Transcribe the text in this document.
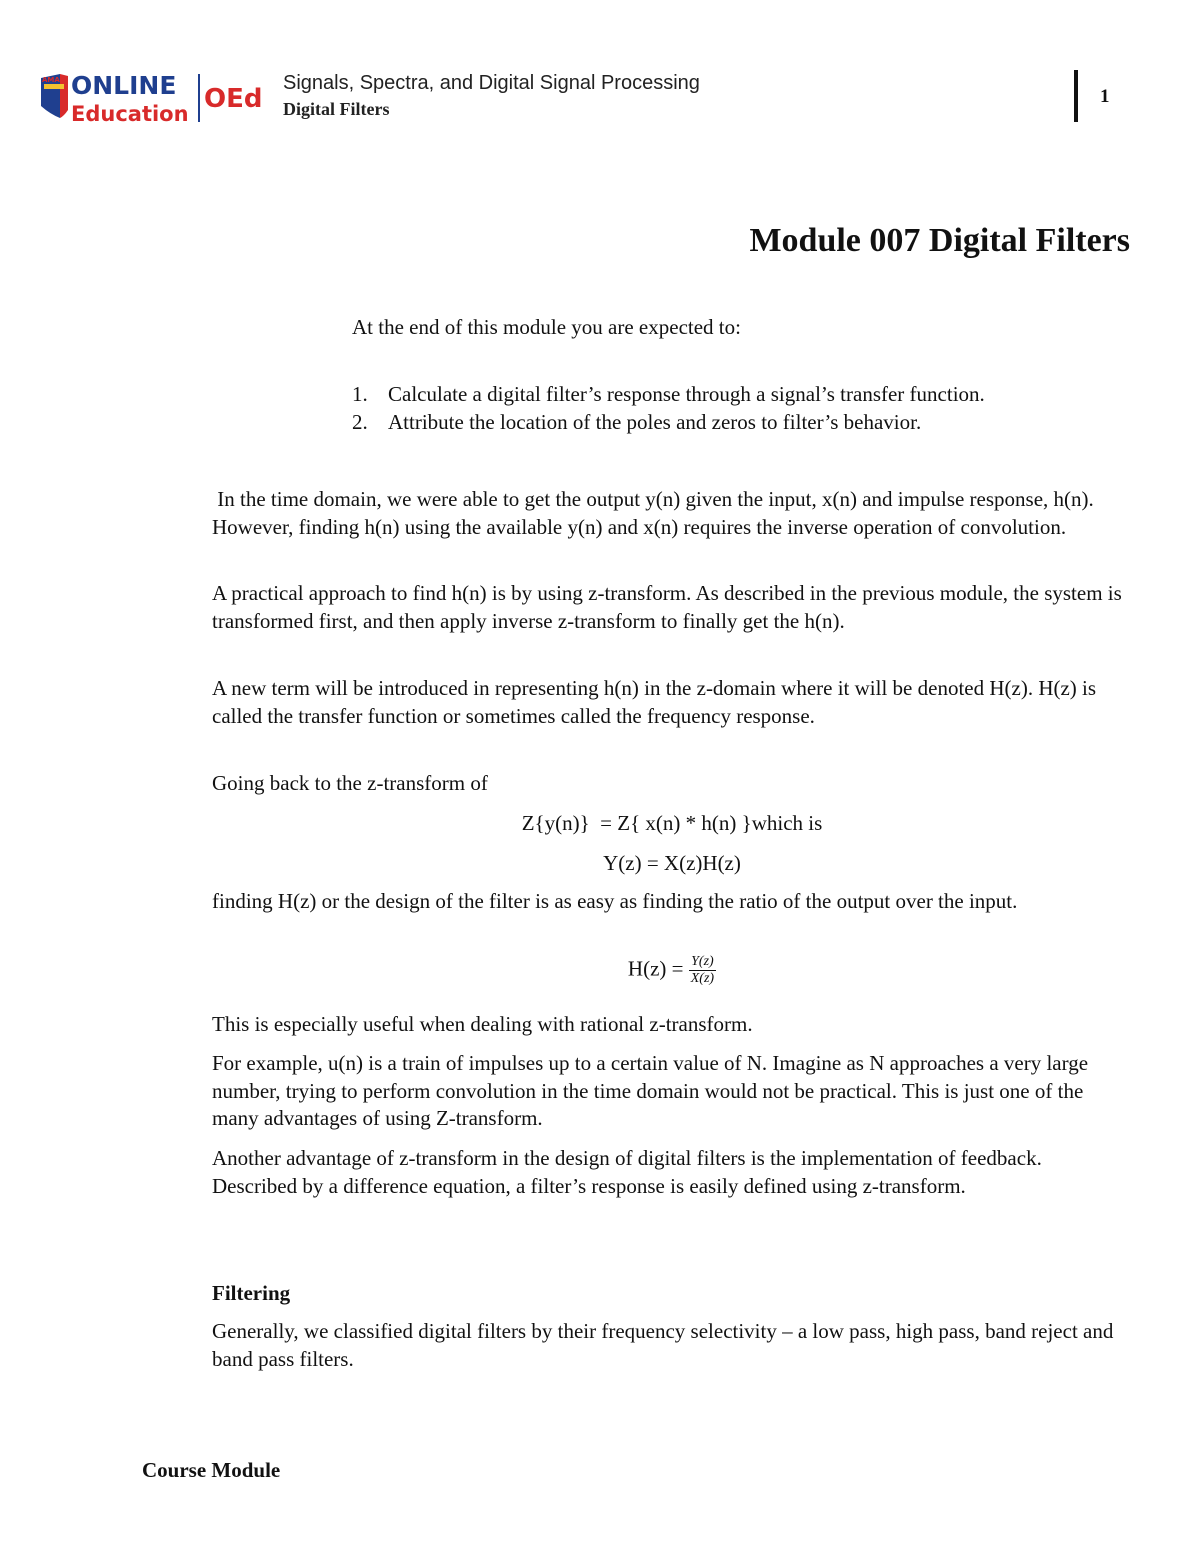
AMA ONLINE
Education OEd
Signals, Spectra, and Digital Signal Processing
Digital Filters
1
Module 007 Digital Filters
At the end of this module you are expected to:
1. Calculate a digital filter’s response through a signal’s transfer function.
2. Attribute the location of the poles and zeros to filter’s behavior.
In the time domain, we were able to get the output y(n) given the input, x(n) and impulse response, h(n). However, finding h(n) using the available y(n) and x(n) requires the inverse operation of convolution.
A practical approach to find h(n) is by using z-transform. As described in the previous module, the system is transformed first, and then apply inverse z-transform to finally get the h(n).
A new term will be introduced in representing h(n) in the z-domain where it will be denoted H(z). H(z) is called the transfer function or sometimes called the frequency response.
Going back to the z-transform of
Z{y(n)}  = Z{ x(n) * h(n) }which is
Y(z) = X(z)H(z)
finding H(z) or the design of the filter is as easy as finding the ratio of the output over the input.
$H(z) = \frac{Y(z)}{X(z)}$
This is especially useful when dealing with rational z-transform.
For example, u(n) is a train of impulses up to a certain value of N. Imagine as N approaches a very large number, trying to perform convolution in the time domain would not be practical. This is just one of the many advantages of using Z-transform.
Another advantage of z-transform in the design of digital filters is the implementation of feedback. Described by a difference equation, a filter’s response is easily defined using z-transform.
Filtering
Generally, we classified digital filters by their frequency selectivity – a low pass, high pass, band reject and band pass filters.
Course Module
